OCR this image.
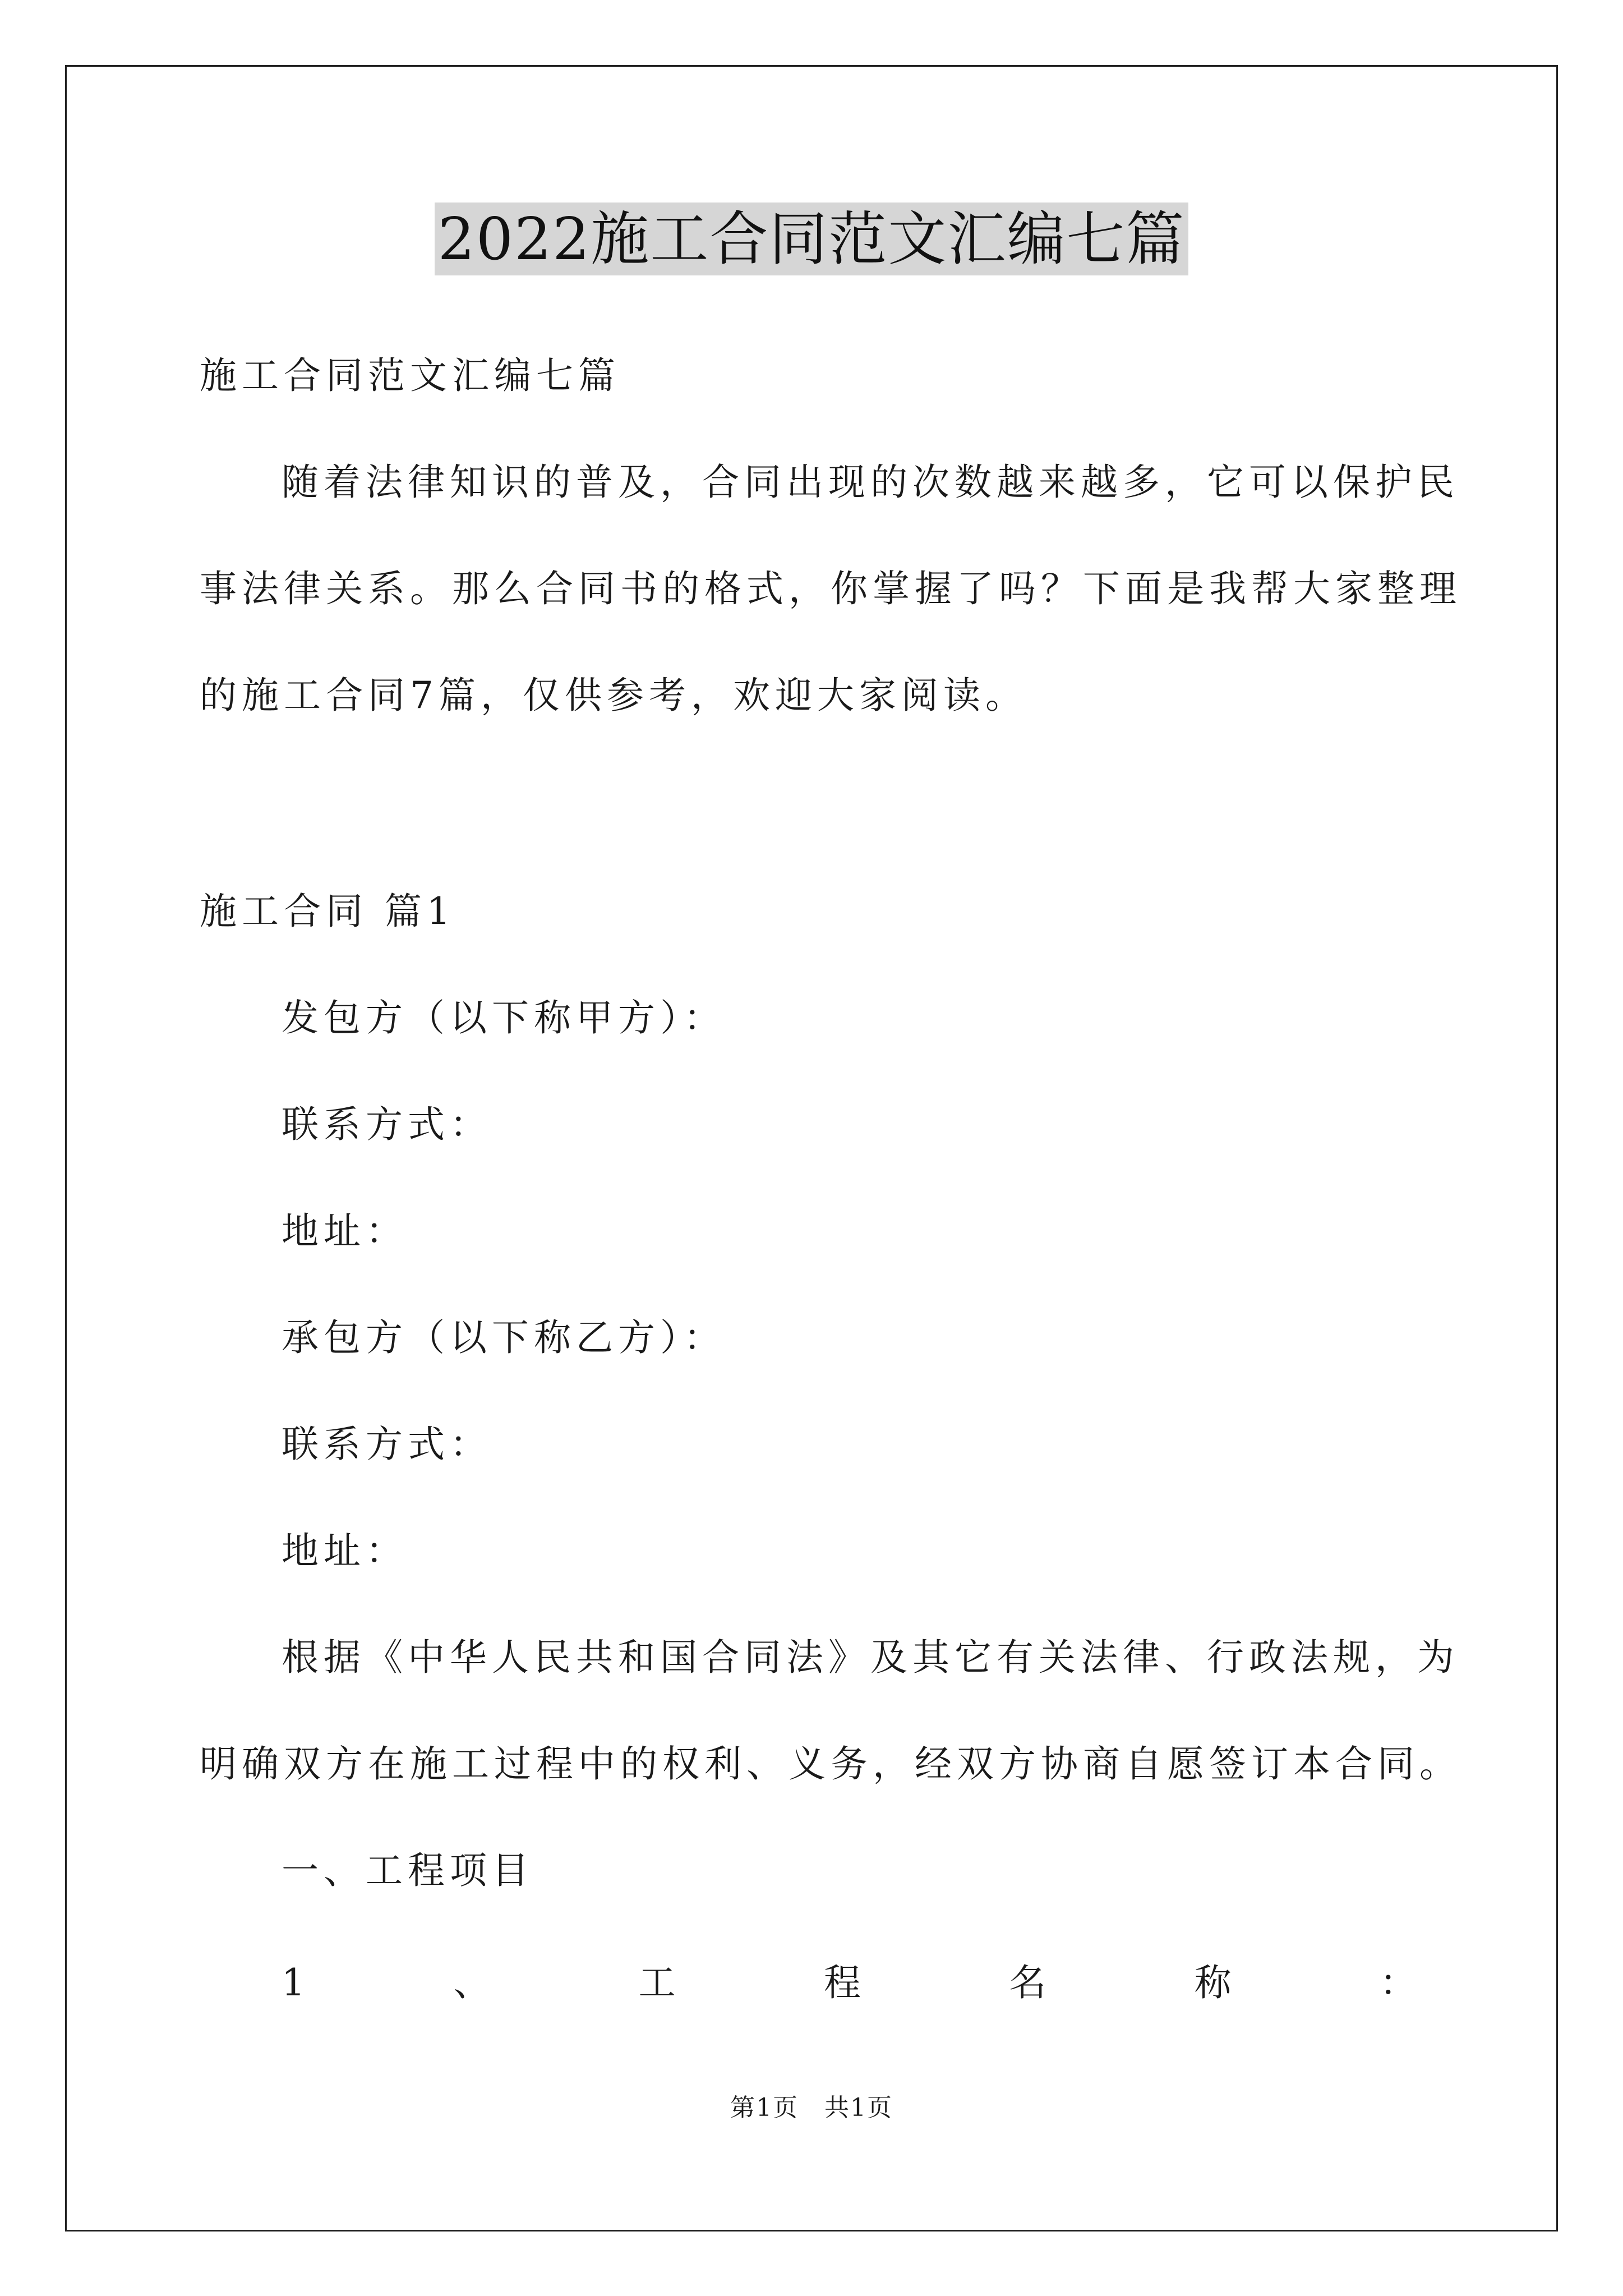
2022施工合同范文汇编七篇
施工合同范文汇编七篇
随着法律知识的普及，合同出现的次数越来越多，它可以保护民
事法律关系。那么合同书的格式，你掌握了吗？下面是我帮大家整理
的施工合同7篇，仅供参考，欢迎大家阅读。
施工合同 篇1
发包方（以下称甲方）：
联系方式：
地址：
承包方（以下称乙方）：
联系方式：
地址：
根据《中华人民共和国合同法》及其它有关法律、行政法规，为
明确双方在施工过程中的权利、义务，经双方协商自愿签订本合同。
一、工程项目
1	、	工	程	名	称	：
第1页　共1页
